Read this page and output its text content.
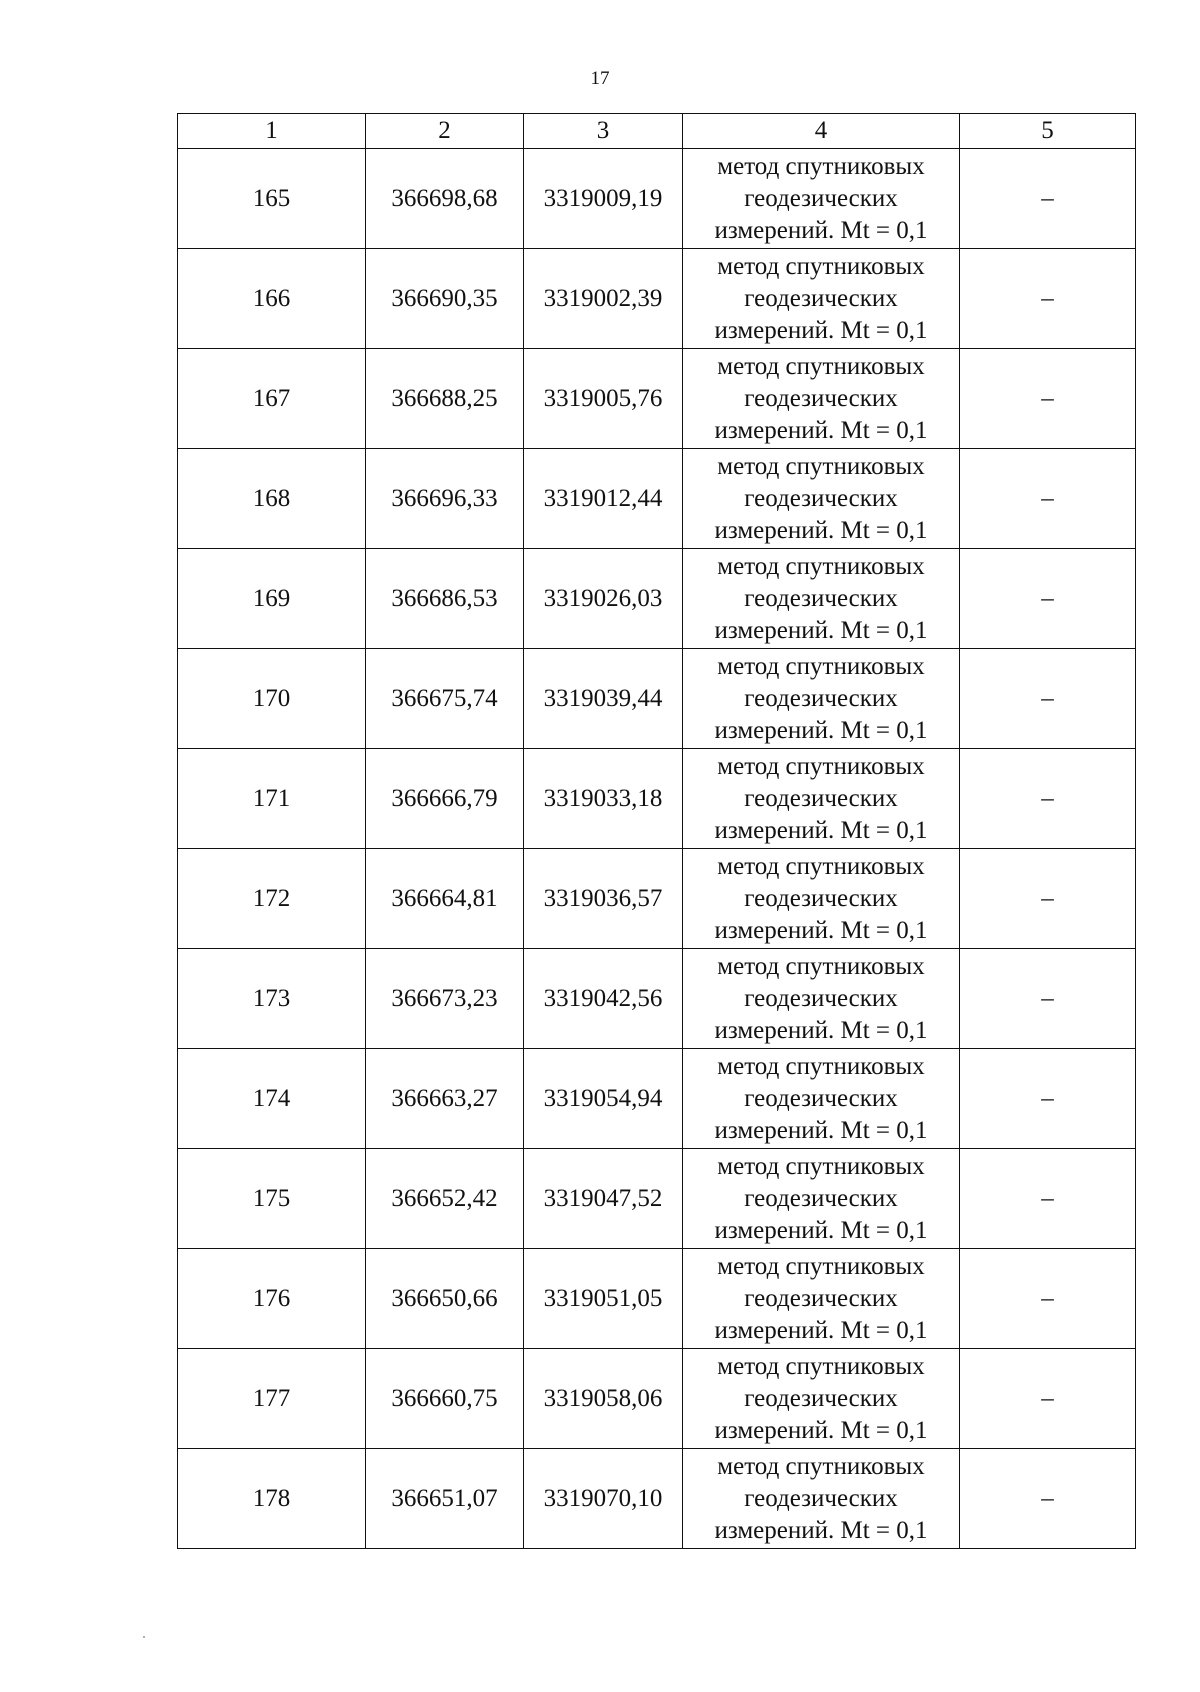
17
1	2	3	4	5
165	366698,68	3319009,19	метод спутниковых
геодезических
измерений. Mt = 0,1	–
166	366690,35	3319002,39	метод спутниковых
геодезических
измерений. Mt = 0,1	–
167	366688,25	3319005,76	метод спутниковых
геодезических
измерений. Mt = 0,1	–
168	366696,33	3319012,44	метод спутниковых
геодезических
измерений. Mt = 0,1	–
169	366686,53	3319026,03	метод спутниковых
геодезических
измерений. Mt = 0,1	–
170	366675,74	3319039,44	метод спутниковых
геодезических
измерений. Mt = 0,1	–
171	366666,79	3319033,18	метод спутниковых
геодезических
измерений. Mt = 0,1	–
172	366664,81	3319036,57	метод спутниковых
геодезических
измерений. Mt = 0,1	–
173	366673,23	3319042,56	метод спутниковых
геодезических
измерений. Mt = 0,1	–
174	366663,27	3319054,94	метод спутниковых
геодезических
измерений. Mt = 0,1	–
175	366652,42	3319047,52	метод спутниковых
геодезических
измерений. Mt = 0,1	–
176	366650,66	3319051,05	метод спутниковых
геодезических
измерений. Mt = 0,1	–
177	366660,75	3319058,06	метод спутниковых
геодезических
измерений. Mt = 0,1	–
178	366651,07	3319070,10	метод спутниковых
геодезических
измерений. Mt = 0,1	–
